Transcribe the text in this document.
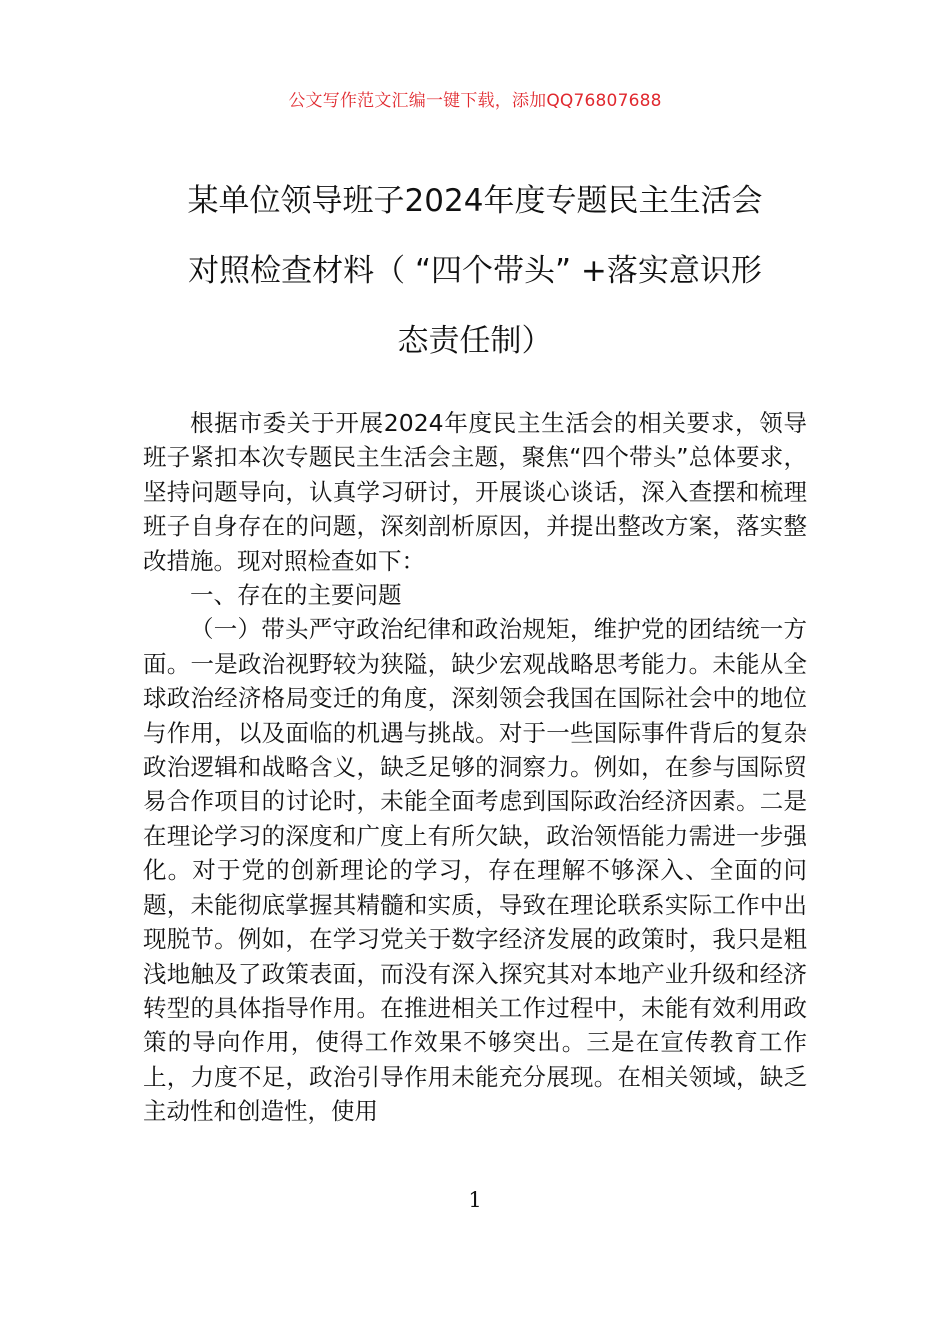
公文写作范文汇编一键下载，添加QQ76807688

某单位领导班子2024年度专题民主生活会
对照检查材料（ “四个带头” +落实意识形
态责任制）

根据市委关于开展2024年度民主生活会的相关要求，领导班子紧扣本次专题民主生活会主题，聚焦“四个带头”总体要求，坚持问题导向，认真学习研讨，开展谈心谈话，深入查摆和梳理班子自身存在的问题，深刻剖析原因，并提出整改方案，落实整改措施。现对照检查如下：

一、存在的主要问题

（一）带头严守政治纪律和政治规矩，维护党的团结统一方面。一是政治视野较为狭隘，缺少宏观战略思考能力。未能从全球政治经济格局变迁的角度，深刻领会我国在国际社会中的地位与作用，以及面临的机遇与挑战。对于一些国际事件背后的复杂政治逻辑和战略含义，缺乏足够的洞察力。例如，在参与国际贸易合作项目的讨论时，未能全面考虑到国际政治经济因素。二是在理论学习的深度和广度上有所欠缺，政治领悟能力需进一步强化。对于党的创新理论的学习，存在理解不够深入、全面的问题，未能彻底掌握其精髓和实质，导致在理论联系实际工作中出现脱节。例如，在学习党关于数字经济发展的政策时，我只是粗浅地触及了政策表面，而没有深入探究其对本地产业升级和经济转型的具体指导作用。在推进相关工作过程中，未能有效利用政策的导向作用，使得工作效果不够突出。三是在宣传教育工作上，力度不足，政治引导作用未能充分展现。在相关领域，缺乏主动性和创造性，使用

1
